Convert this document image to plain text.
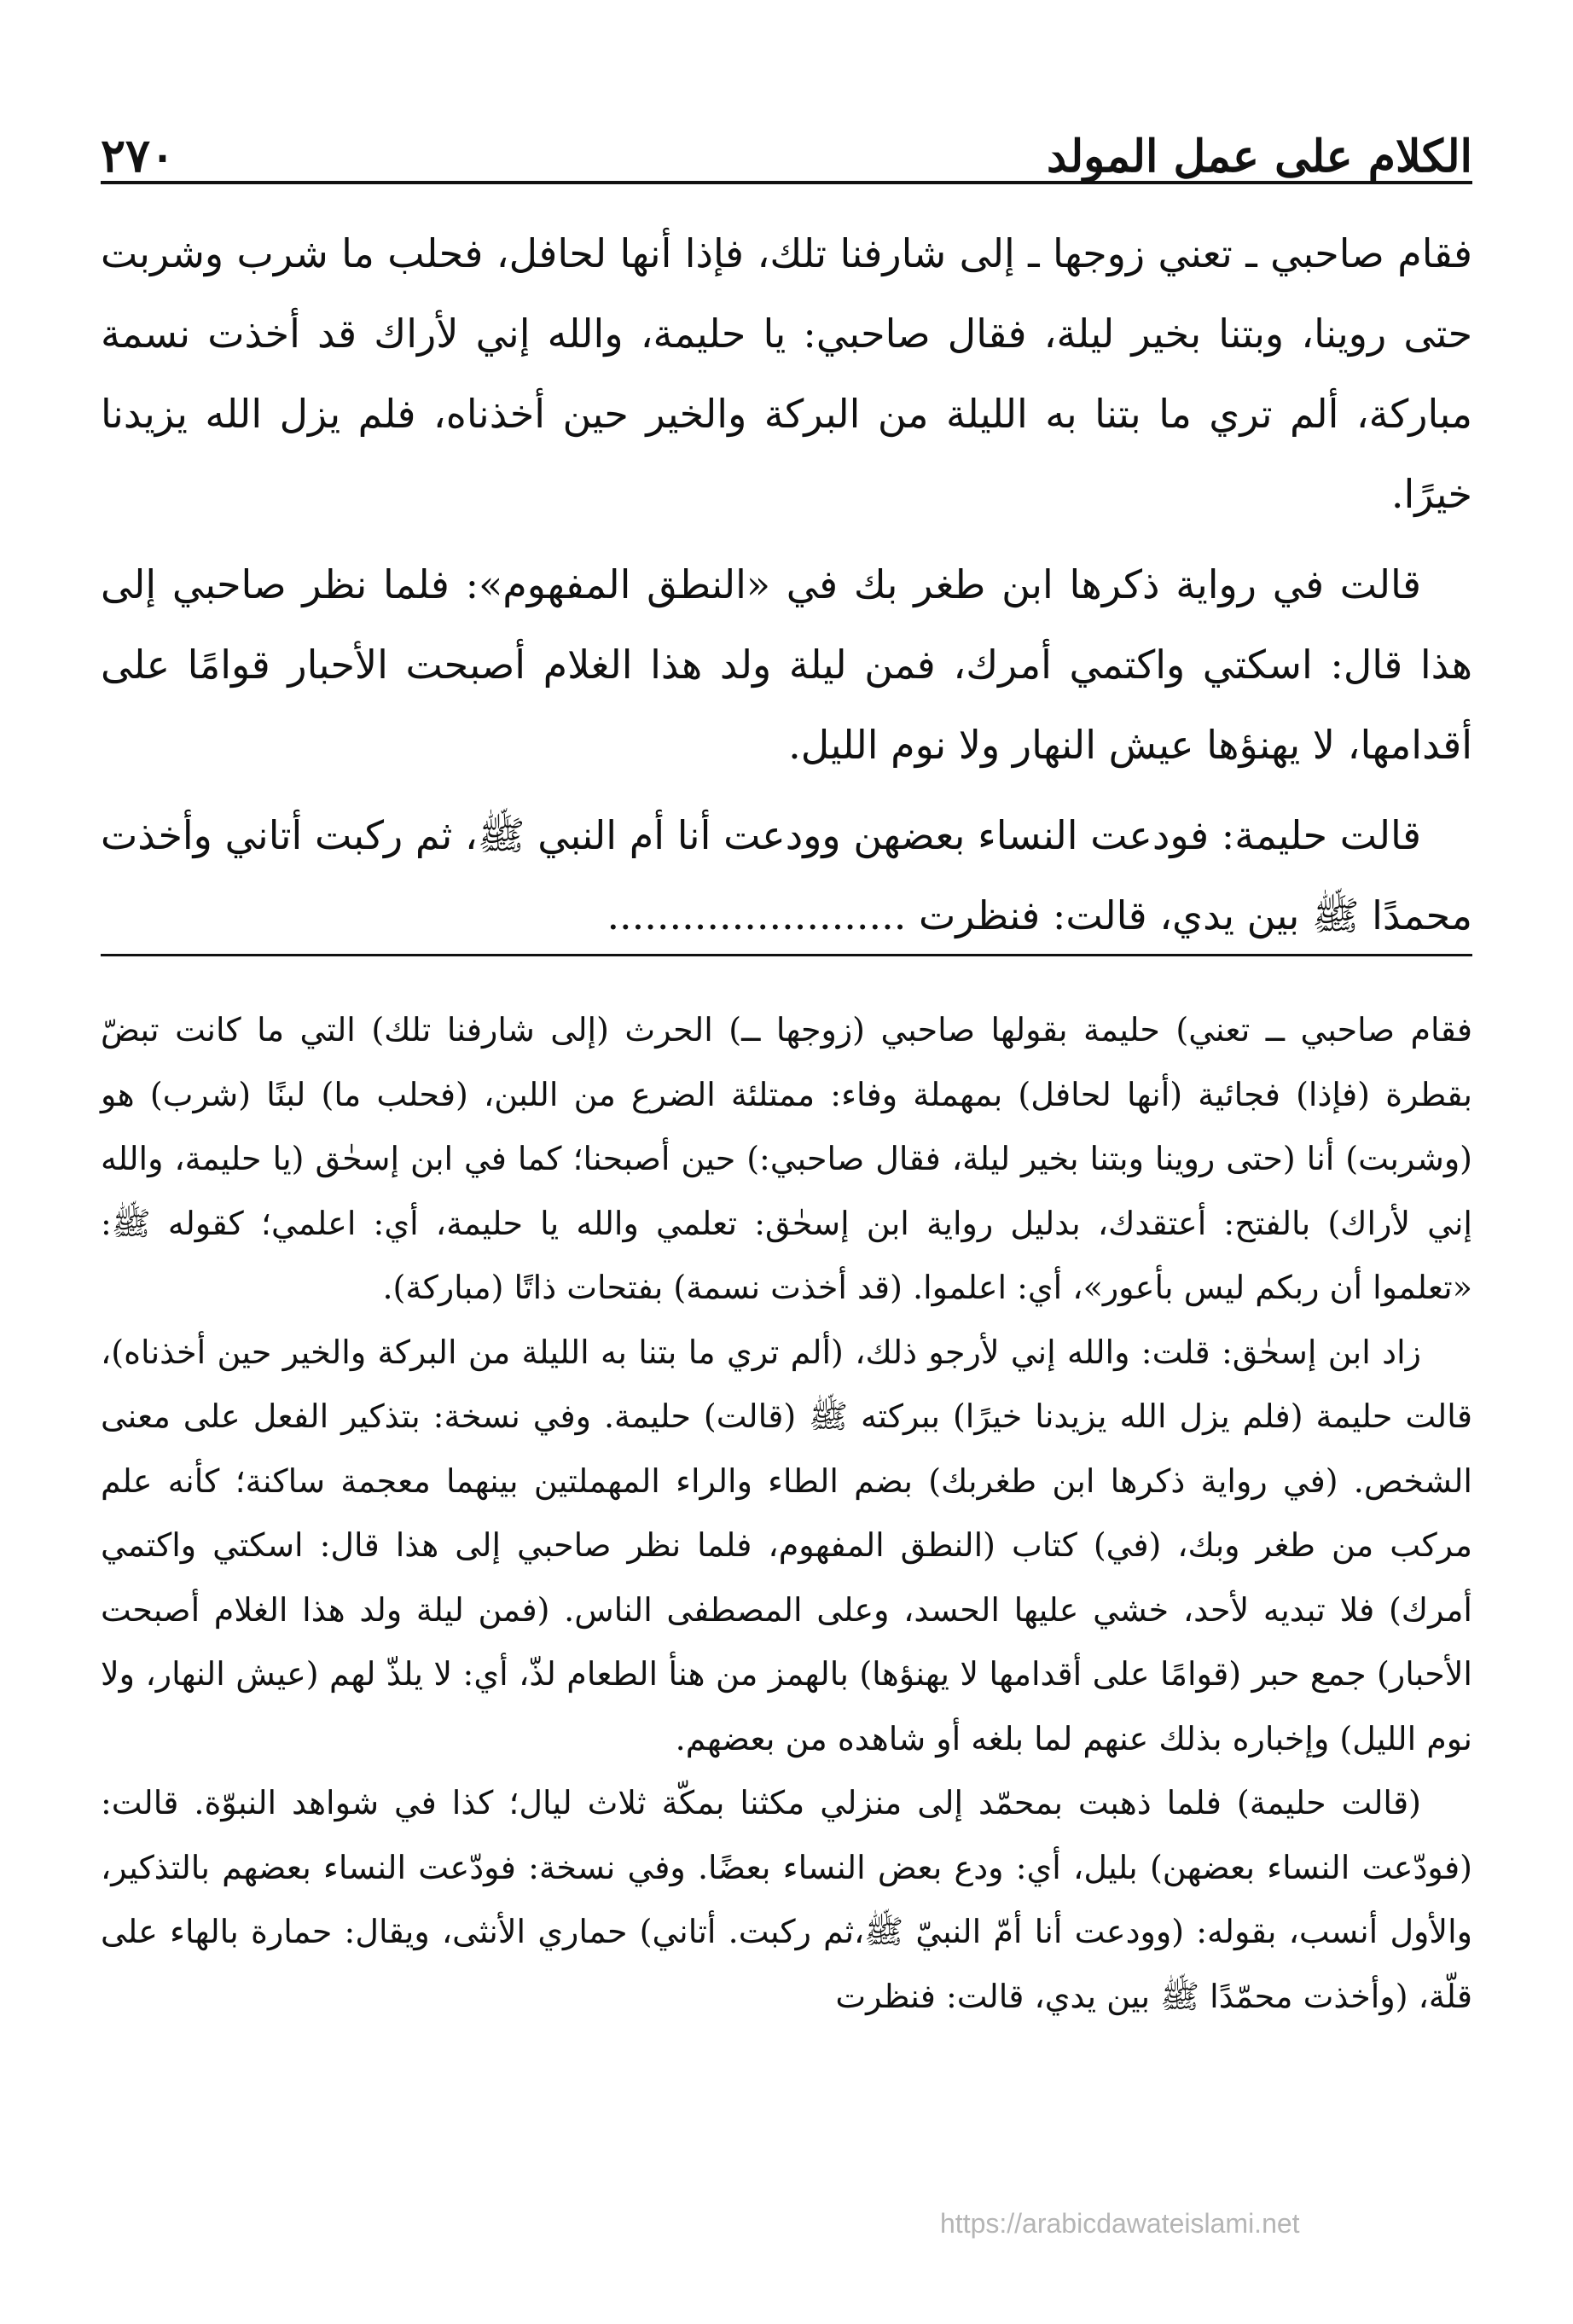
٢٧٠	الكلام على عمل المولد

فقام صاحبي ـ تعني زوجها ـ إلى شارفنا تلك، فإذا أنها لحافل، فحلب ما شرب وشربت حتى روينا، وبتنا بخير ليلة، فقال صاحبي: يا حليمة، والله إني لأراك قد أخذت نسمة مباركة، ألم تري ما بتنا به الليلة من البركة والخير حين أخذناه، فلم يزل الله يزيدنا خيرًا.

قالت في رواية ذكرها ابن طغر بك في «النطق المفهوم»: فلما نظر صاحبي إلى هذا قال: اسكتي واكتمي أمرك، فمن ليلة ولد هذا الغلام أصبحت الأحبار قوامًا على أقدامها، لا يهنؤها عيش النهار ولا نوم الليل.

قالت حليمة: فودعت النساء بعضهن وودعت أنا أم النبي ﷺ، ثم ركبت أتاني وأخذت محمدًا ﷺ بين يدي، قالت: فنظرت ........................

فقام صاحبي ــ تعني) حليمة بقولها صاحبي (زوجها ــ) الحرث (إلى شارفنا تلك) التي ما كانت تبضّ بقطرة (فإذا) فجائية (أنها لحافل) بمهملة وفاء: ممتلئة الضرع من اللبن، (فحلب ما) لبنًا (شرب) هو (وشربت) أنا (حتى روينا وبتنا بخير ليلة، فقال صاحبي:) حين أصبحنا؛ كما في ابن إسحٰق (يا حليمة، والله إني لأراك) بالفتح: أعتقدك، بدليل رواية ابن إسحٰق: تعلمي والله يا حليمة، أي: اعلمي؛ كقوله ﷺ: «تعلموا أن ربكم ليس بأعور»، أي: اعلموا. (قد أخذت نسمة) بفتحات ذاتًا (مباركة).

زاد ابن إسحٰق: قلت: والله إني لأرجو ذلك، (ألم تري ما بتنا به الليلة من البركة والخير حين أخذناه)، قالت حليمة (فلم يزل الله يزيدنا خيرًا) ببركته ﷺ (قالت) حليمة. وفي نسخة: بتذكير الفعل على معنى الشخص. (في رواية ذكرها ابن طغربك) بضم الطاء والراء المهملتين بينهما معجمة ساكنة؛ كأنه علم مركب من طغر وبك، (في) كتاب (النطق المفهوم، فلما نظر صاحبي إلى هذا قال: اسكتي واكتمي أمرك) فلا تبديه لأحد، خشي عليها الحسد، وعلى المصطفى الناس. (فمن ليلة ولد هذا الغلام أصبحت الأحبار) جمع حبر (قوامًا على أقدامها لا يهنؤها) بالهمز من هنأ الطعام لذّ، أي: لا يلذّ لهم (عيش النهار، ولا نوم الليل) وإخباره بذلك عنهم لما بلغه أو شاهده من بعضهم.

(قالت حليمة) فلما ذهبت بمحمّد إلى منزلي مكثنا بمكّة ثلاث ليال؛ كذا في شواهد النبوّة. قالت: (فودّعت النساء بعضهن) بليل، أي: ودع بعض النساء بعضًا. وفي نسخة: فودّعت النساء بعضهم بالتذكير، والأول أنسب، بقوله: (وودعت أنا أمّ النبيّ ﷺ،ثم ركبت. أتاني) حماري الأنثى، ويقال: حمارة بالهاء على قلّة، (وأخذت محمّدًا ﷺ بين يدي، قالت: فنظرت

https://arabicdawateislami.net
